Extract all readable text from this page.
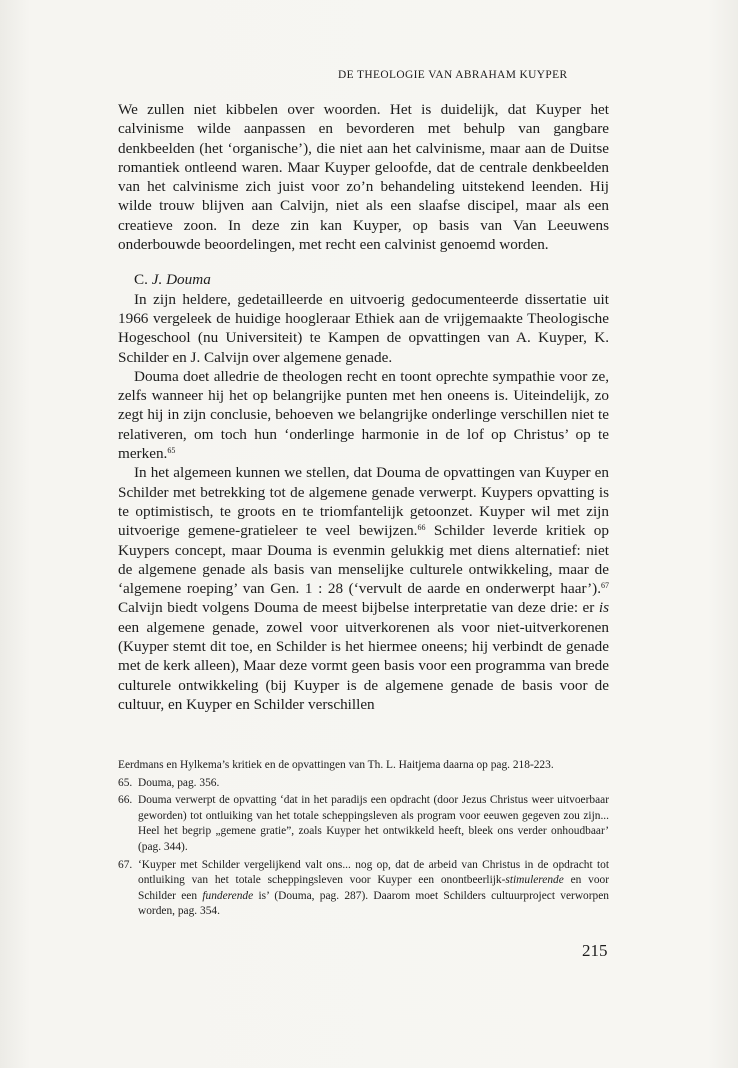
DE THEOLOGIE VAN ABRAHAM KUYPER

We zullen niet kibbelen over woorden. Het is duidelijk, dat Kuyper het calvinisme wilde aanpassen en bevorderen met behulp van gangbare denkbeelden (het ‘organische’), die niet aan het calvinisme, maar aan de Duitse romantiek ontleend waren. Maar Kuyper geloofde, dat de centrale denkbeelden van het calvinisme zich juist voor zo’n behandeling uitstekend leenden. Hij wilde trouw blijven aan Calvijn, niet als een slaafse discipel, maar als een creatieve zoon. In deze zin kan Kuyper, op basis van Van Leeuwens onderbouwde beoordelingen, met recht een calvinist genoemd worden.

C. J. Douma

In zijn heldere, gedetailleerde en uitvoerig gedocumenteerde dissertatie uit 1966 vergeleek de huidige hoogleraar Ethiek aan de vrijgemaakte Theologische Hogeschool (nu Universiteit) te Kampen de opvattingen van A. Kuyper, K. Schilder en J. Calvijn over algemene genade.

Douma doet alledrie de theologen recht en toont oprechte sympathie voor ze, zelfs wanneer hij het op belangrijke punten met hen oneens is. Uiteindelijk, zo zegt hij in zijn conclusie, behoeven we belangrijke onderlinge verschillen niet te relativeren, om toch hun ‘onderlinge harmonie in de lof op Christus’ op te merken.$^{65}$

In het algemeen kunnen we stellen, dat Douma de opvattingen van Kuyper en Schilder met betrekking tot de algemene genade verwerpt. Kuypers opvatting is te optimistisch, te groots en te triomfantelijk getoonzet. Kuyper wil met zijn uitvoerige gemene-gratieleer te veel bewijzen.$^{66}$ Schilder leverde kritiek op Kuypers concept, maar Douma is evenmin gelukkig met diens alternatief: niet de algemene genade als basis van menselijke culturele ontwikkeling, maar de ‘algemene roeping’ van Gen. 1 : 28 (‘vervult de aarde en onderwerpt haar’).$^{67}$ Calvijn biedt volgens Douma de meest bijbelse interpretatie van deze drie: er is een algemene genade, zowel voor uitverkorenen als voor niet-uitverkorenen (Kuyper stemt dit toe, en Schilder is het hiermee oneens; hij verbindt de genade met de kerk alleen), Maar deze vormt geen basis voor een programma van brede culturele ontwikkeling (bij Kuyper is de algemene genade de basis voor de cultuur, en Kuyper en Schilder verschillen

Eerdmans en Hylkema’s kritiek en de opvattingen van Th. L. Haitjema daarna op pag. 218-223.
65. Douma, pag. 356.
66. Douma verwerpt de opvatting ‘dat in het paradijs een opdracht (door Jezus Christus weer uitvoerbaar geworden) tot ontluiking van het totale scheppingsleven als program voor eeuwen gegeven zou zijn... Heel het begrip „gemene gratie”, zoals Kuyper het ontwikkeld heeft, bleek ons verder onhoudbaar’ (pag. 344).
67. ‘Kuyper met Schilder vergelijkend valt ons... nog op, dat de arbeid van Christus in de opdracht tot ontluiking van het totale scheppingsleven voor Kuyper een onontbeerlijk-stimulerende en voor Schilder een funderende is’ (Douma, pag. 287). Daarom moet Schilders cultuurproject verworpen worden, pag. 354.
215
